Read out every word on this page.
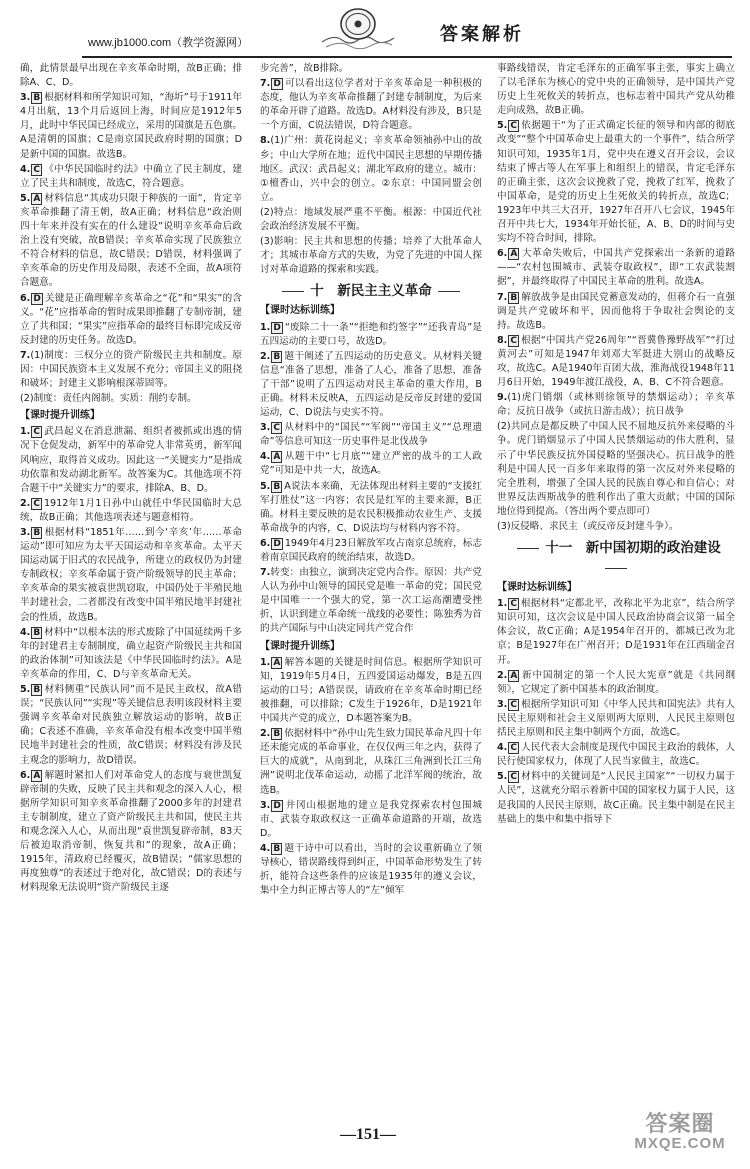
www.jb1000.com（教学资源网）	答案解析

确，此情景最早出现在辛亥革命时期，故B正确；排除A、C、D。

3. B 根据材料和所学知识可知，“海圻”号于1911年4月出航，13个月后返回上海，时间应是1912年5月，此时中华民国已经成立，采用的国旗是五色旗。A是清朝的国旗；C是南京国民政府时期的国旗；D是新中国的国旗。故选B。

4. C 《中华民国临时约法》中确立了民主制度，建立了民主共和制度，故选C，符合题意。

5. A 材料信息“其成功只限于种族的一面”，肯定辛亥革命推翻了清王朝，故A正确；材料信息“政治则四十年来并没有实在的什么建设”说明辛亥革命后政治上没有突破，故B错误；辛亥革命实现了民族独立不符合材料的信息，故C错误；D错误，材料强调了辛亥革命的历史作用及局限，表述不全面，故A项符合题意。

6. D 关键是正确理解辛亥革命之“花”和“果实”的含义。“花”应指革命的暂时成果即推翻了专制帝制，建立了共和国；“果实”应指革命的最终目标即完成反帝反封建的历史任务。故选D。

7.(1)制度：三权分立的资产阶级民主共和制度。原因：中国民族资本主义发展不充分；帝国主义的阻挠和破坏；封建主义影响根深蒂固等。

(2)制度：责任内阁制。实质：削约专制。

【课时提升训练】

1. C 武昌起义在消息泄漏、组织者被抓或出逃的情况下仓促发动，新军中的革命党人非常英勇，新军闻风响应，取得首义成功。因此这一“关键实力”是指成功依靠和发动湖北新军。故答案为C。其他选项不符合题干中“关键实力”的要求，排除A、B、D。

2. C 1912年1月1日孙中山就任中华民国临时大总统，故B正确；其他选项表述与题意相符。

3. B 根据材料“1851年……到今‘辛亥’年……革命运动”即可知应为太平天国运动和辛亥革命。太平天国运动属于旧式的农民战争，所建立的政权仍为封建专制政权；辛亥革命属于资产阶级领导的民主革命；辛亥革命的果实被袁世凯窃取，中国仍处于半殖民地半封建社会，二者都没有改变中国半殖民地半封建社会的性质，故选B。

4. B 材料中“以根本法的形式废除了中国延续两千多年的封建君主专制制度，确立起资产阶级民主共和国的政治体制”可知该法是《中华民国临时约法》。A是辛亥革命的作用，C、D与辛亥革命无关。

5. B 材料侧重“民族认同”而不是民主政权，故A错误；“民族认同”“实现”等关键信息表明该段材料主要强调辛亥革命对民族独立解放运动的影响，故B正确；C表述不准确，辛亥革命没有根本改变中国半殖民地半封建社会的性质，故C错误；材料没有涉及民主观念的影响力，故D错误。

6. A 解题时紧扣人们对革命党人的态度与衰世凯复辟帝制的失败，反映了民主共和观念的深入人心，根据所学知识可知辛亥革命推翻了2000多年的封建君主专制制度，建立了资产阶级民主共和国，使民主共和观念深入人心，从而出现“袁世凯复辟帝制，83天后被迫取消帝制，恢复共和”的现象，故A正确；1915年，清政府已经覆灭，故B错误；“儒家思想的再度独尊”的表述过于绝对化，故C错误；D的表述与材料现象无法说明“资产阶级民主逐

步完善”，故B排除。

7. D 可以看出这位学者对于辛亥革命是一种积极的态度，他认为辛亥革命推翻了封建专制制度，为后来的革命开辟了道路。故选D。A材料没有涉及，B只是一个方面，C说法错误，D符合题意。

8.(1)广州：黄花岗起义；辛亥革命领袖孙中山的故乡；中山大学所在地；近代中国民主思想的早期传播地区。武汉：武昌起义；湖北军政府的建立。城市：①檀香山，兴中会的创立。②东京：中国同盟会创立。

(2)特点：地域发展严重不平衡。根源：中国近代社会政治经济发展不平衡。

(3)影响：民主共和思想的传播；培养了大批革命人才；其城市革命方式的失败，为党了先进的中国人探讨对革命道路的探索和实践。

十　新民主主义革命
【课时达标训练】

1. D “废除二十一条”“拒绝和约签字”“还我青岛”是五四运动的主要口号，故选D。

2. B 题干阐述了五四运动的历史意义。从材料关键信息“准备了思想，准备了人心，准备了思想，准备了干部”说明了五四运动对民主革命的重大作用，B正确。材料未反映A，五四运动是反帝反封建的爱国运动，C、D说法与史实不符。

3. C 从材料中的“国民”“军阀”“帝国主义”“总理遗命”等信息可知这一历史事件是北伐战争

4. A 从题干中“七月底”“建立严密的战斗的工人政党”可知是中共一大，故选A。

5. B A说法本来确，无法体现出材料主要的“支援红军打胜仗”这一内容；农民是红军的主要来源，B正确。材料主要反映的是农民积极推动农业生产、支援革命战争的内容，C、D说法均与材料内容不符。

6. D 1949年4月23日解放军攻占南京总统府，标志着南京国民政府的统治结束，故选D。

7.转变：由独立，演到决定党内合作。原因：共产党人认为孙中山领导的国民党是唯一革命的党；国民党是中国唯一一个强大的党，第一次工运高潮遭受挫折，认识到建立革命统一战线的必要性；陈独秀为首的共产国际与中山决定同共产党合作

【课时提升训练】

1. A 解答本题的关键是时间信息。根据所学知识可知，1919年5月4日，五四爱国运动爆发，B是五四运动的口号；A错误误，请政府在辛亥革命时期已经被推翻，可以排除；C发生于1926年，D是1921年中国共产党的成立，D本题答案为B。

2. B 依据材料中“孙中山先生致力国民革命凡四十年还未能完成的革命事业，在仅仅两三年之内，获得了巨大的成就”，从南到北，从珠江三角洲到长江三角洲”说明北伐革命运动，动摇了北洋军阀的统治，故选B。

3. D 井冈山根据地的建立是我党探索农村包围城市、武装夺取政权这一正确革命道路的开端，故选D。

4. B 题干诗中可以看出，当时的会议重新确立了领导核心，错误路线得到纠正，中国革命形势发生了转折，能符合这些条件的应该是1935年的遵义会议，集中全力纠正博古等人的“左”倾军

事路线错误，肯定毛泽东的正确军事主张，事实上确立了以毛泽东为核心的党中央的正确领导，是中国共产党历史上生死攸关的转折点，也标志着中国共产党从幼稚走向成熟，故B正确。

5. C 依据题干“为了正式确定长征的领导和内部的彻底改变”“整个中国革命史上最重大的一个事件”，结合所学知识可知，1935年1月，党中央在遵义召开会议，会议结束了博古等人在军事上和组织上的错误，肯定毛泽东的正确主张，这次会议挽救了党，挽救了红军，挽救了中国革命，是党的历史上生死攸关的转折点，故选C；1923年中共三大召开，1927年召开八七会议，1945年召开中共七大，1934年开始长征，A、B、D的时间与史实均不符合时间，排除。

6. A 大革命失败后，中国共产党探索出一条新的道路——“农村包围城市、武装夺取政权”，即“工农武装割据”，并最终取得了中国民主革命的胜利。故选A。

7. B 解放战争是由国民党蓄意发动的，但蒋介石一直强调是共产党破坏和平，因而他将于争取社会舆论的支持。故选B。

8. C 根据“中国共产党26周年”“晋冀鲁豫野战军”“打过黄河去”可知是1947年刘邓大军挺进大别山的战略反攻，故选C。A是1940年百团大战，淮海战役1948年11月6日开始，1949年渡江战役，A、B、C不符合题意。

9.(1)虎门销烟（或林则徐领导的禁烟运动）；辛亥革命；反抗日战争（或抗日游击战）；抗日战争

(2)共同点是都反映了中国人民不屈地反抗外来侵略的斗争。虎门销烟显示了中国人民禁烟运动的伟大胜利，显示了中华民族反抗外国侵略的坚强决心。抗日战争的胜利是中国人民一百多年来取得的第一次反对外来侵略的完全胜利，增强了全国人民的民族自尊心和自信心；对世界反法西斯战争的胜利作出了重大贡献；中国的国际地位得到提高。（答出两个要点即可）

(3)反侵略、求民主（或反帝反封建斗争）。

十一　新中国初期的政治建设
【课时达标训练】

1. C 根据材料“定都北平，改称北平为北京”，结合所学知识可知，这次会议是中国人民政治协商会议第一届全体会议，故C正确；A是1954年召开的，都城已改为北京；B是1927年在广州召开；D是1931年在江西瑞金召开。

2. A 新中国制定的第一个人民大宪章”就是《共同纲领》，它规定了新中国基本的政治制度。

3. C 根据所学知识可知《中华人民共和国宪法》共有人民民主原则和社会主义原则两大原则，人民民主原则包括民主原则和民主集中制两个方面，故选C。

4. C 人民代表大会制度是现代中国民主政治的载体，人民行使国家权力，体现了人民当家做主，故选C。

5. C 材料中的关键词是“人民民主国家”“一切权力属于人民”，这就充分昭示着新中国的国家权力属于人民，这是我国的人民民主原则，故C正确。民主集中制是在民主基础上的集中和集中指导下

—151—	答案圈
MXQE.COM
